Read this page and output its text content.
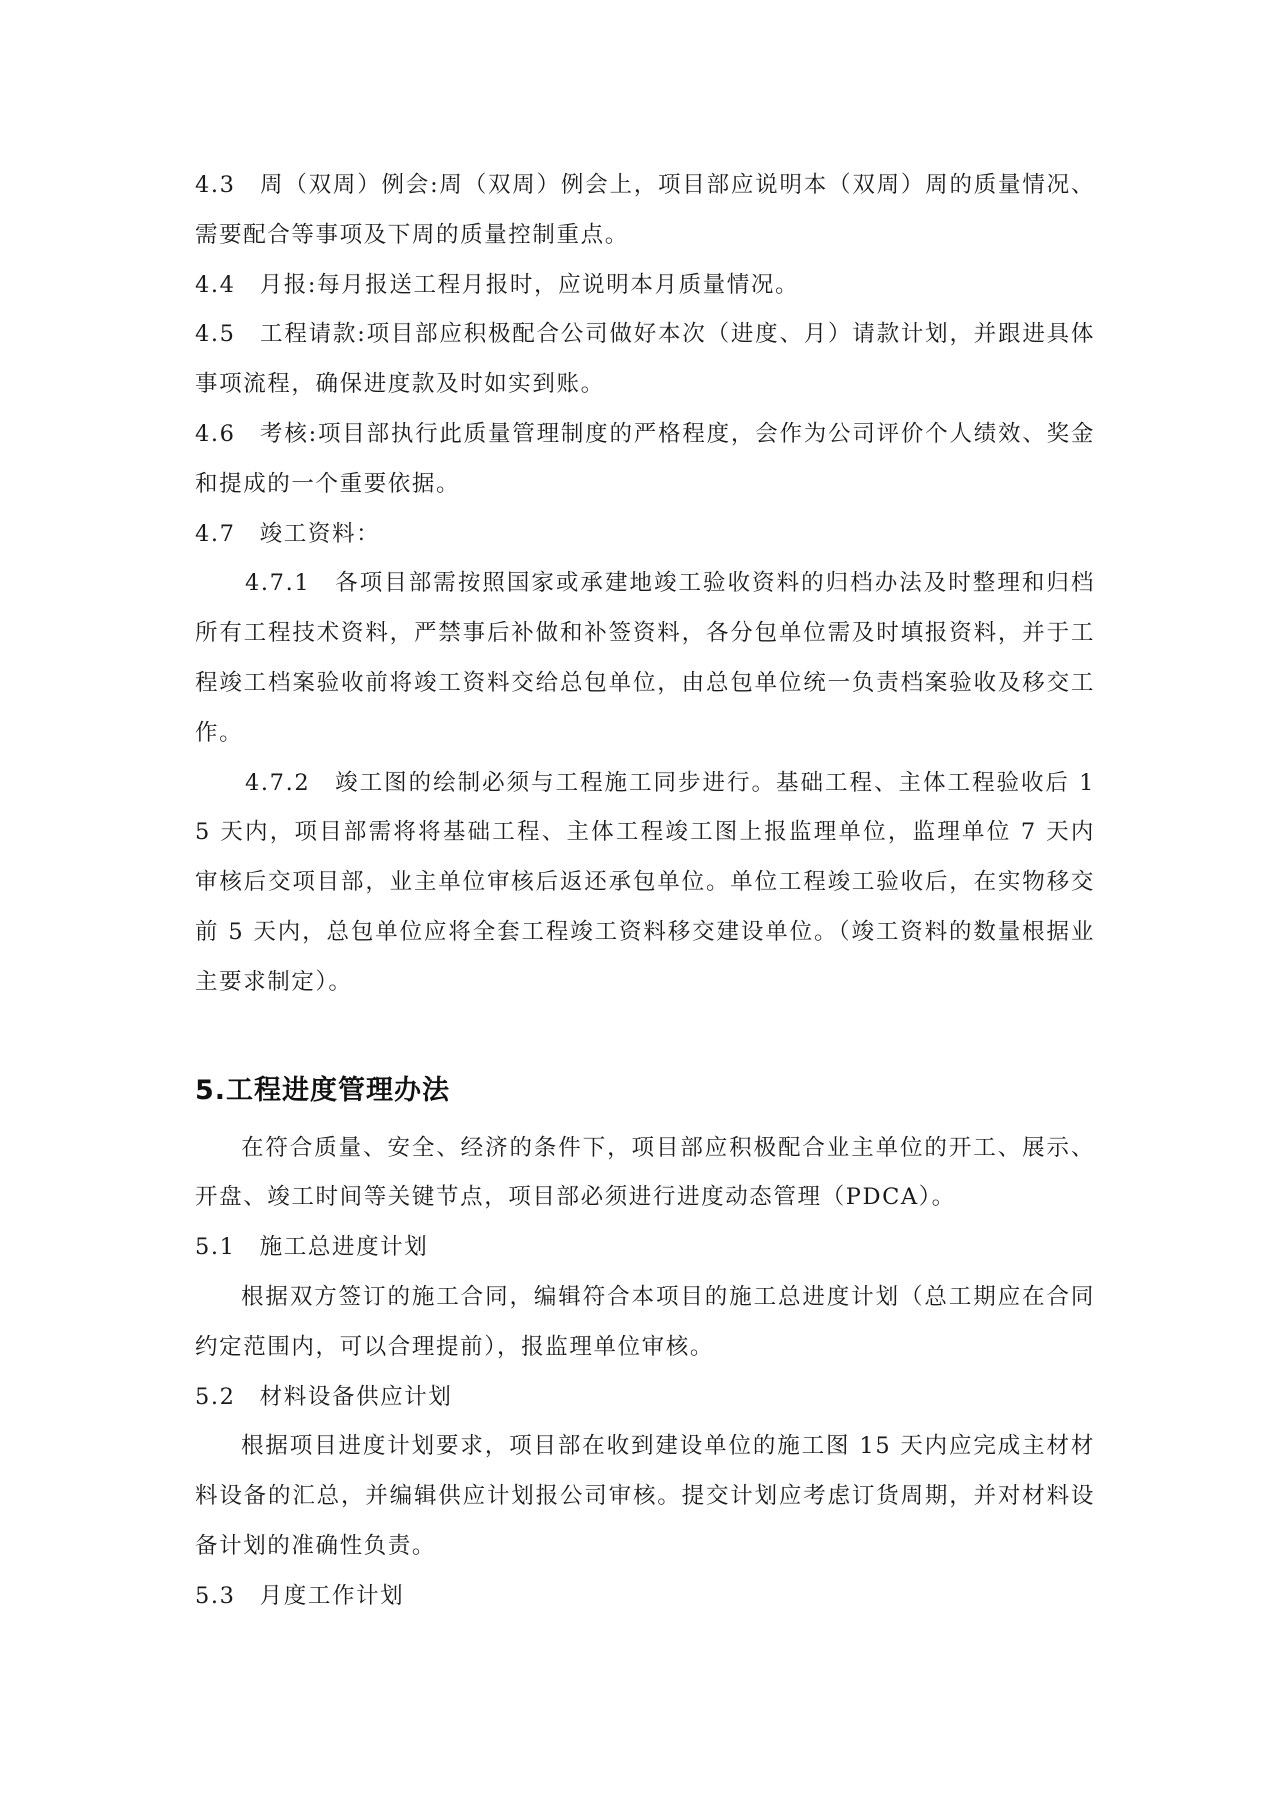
4.3　周（双周）例会:周（双周）例会上，项目部应说明本（双周）周的质量情况、需要配合等事项及下周的质量控制重点。

4.4　月报:每月报送工程月报时，应说明本月质量情况。

4.5　工程请款:项目部应积极配合公司做好本次（进度、月）请款计划，并跟进具体事项流程，确保进度款及时如实到账。

4.6　考核:项目部执行此质量管理制度的严格程度，会作为公司评价个人绩效、奖金和提成的一个重要依据。

4.7　竣工资料：

4.7.1　各项目部需按照国家或承建地竣工验收资料的归档办法及时整理和归档所有工程技术资料，严禁事后补做和补签资料，各分包单位需及时填报资料，并于工程竣工档案验收前将竣工资料交给总包单位，由总包单位统一负责档案验收及移交工作。

4.7.2　竣工图的绘制必须与工程施工同步进行。基础工程、主体工程验收后 15 天内，项目部需将将基础工程、主体工程竣工图上报监理单位，监理单位 7 天内审核后交项目部，业主单位审核后返还承包单位。单位工程竣工验收后，在实物移交前 5 天内，总包单位应将全套工程竣工资料移交建设单位。（竣工资料的数量根据业主要求制定）。

5.工程进度管理办法

在符合质量、安全、经济的条件下，项目部应积极配合业主单位的开工、展示、开盘、竣工时间等关键节点，项目部必须进行进度动态管理（PDCA）。

5.1　施工总进度计划

根据双方签订的施工合同，编辑符合本项目的施工总进度计划（总工期应在合同约定范围内，可以合理提前），报监理单位审核。

5.2　材料设备供应计划

根据项目进度计划要求，项目部在收到建设单位的施工图 15 天内应完成主材材料设备的汇总，并编辑供应计划报公司审核。提交计划应考虑订货周期，并对材料设备计划的准确性负责。

5.3　月度工作计划
